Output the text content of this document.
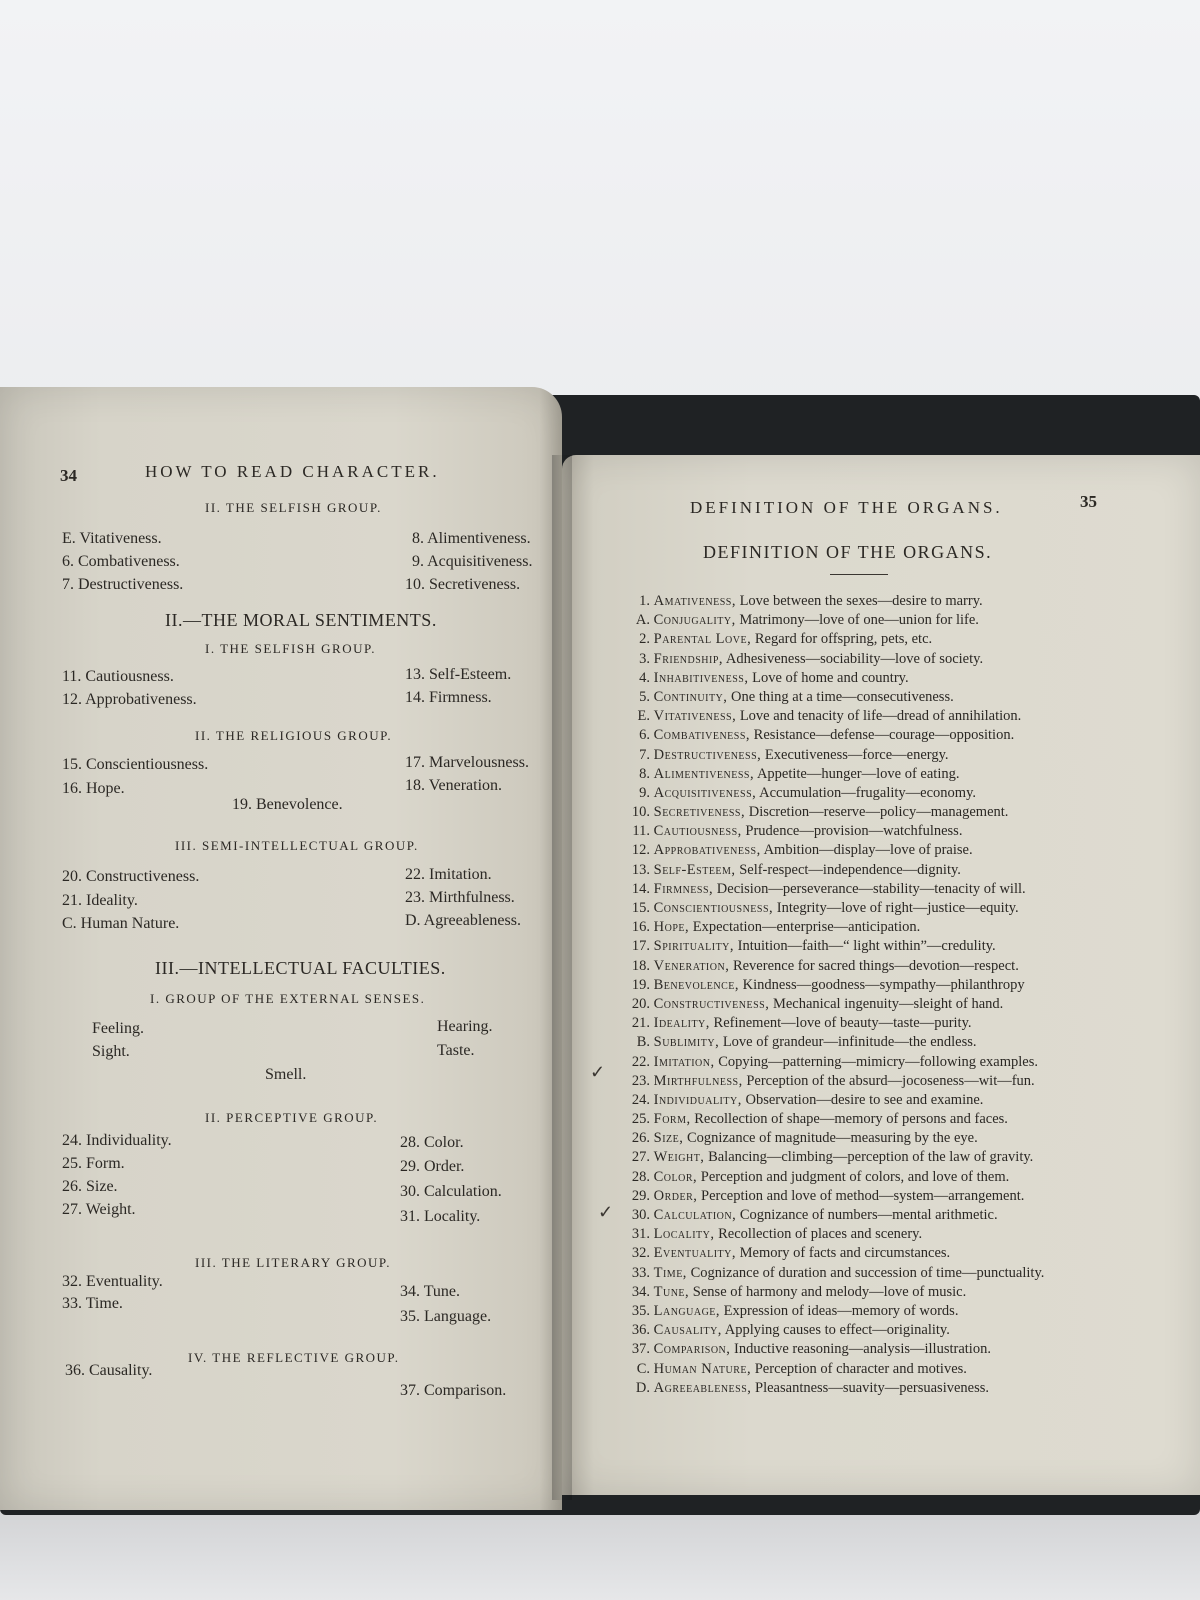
34	HOW TO READ CHARACTER.
II. THE SELFISH GROUP.
E. Vitativeness.
6. Combativeness.
7. Destructiveness.
8. Alimentiveness.
9. Acquisitiveness.
10. Secretiveness.
II.—THE MORAL SENTIMENTS.
I. THE SELFISH GROUP.
11. Cautiousness.
12. Approbativeness.
13. Self-Esteem.
14. Firmness.
II. THE RELIGIOUS GROUP.
15. Conscientiousness.
16. Hope.
17. Marvelousness.
18. Veneration.
19. Benevolence.
III. SEMI-INTELLECTUAL GROUP.
20. Constructiveness.
21. Ideality.
C. Human Nature.
22. Imitation.
23. Mirthfulness.
D. Agreeableness.
III.—INTELLECTUAL FACULTIES.
I. GROUP OF THE EXTERNAL SENSES.
Feeling.
Sight.
Hearing.
Taste.
Smell.
II. PERCEPTIVE GROUP.
24. Individuality.
25. Form.
26. Size.
27. Weight.
28. Color.
29. Order.
30. Calculation.
31. Locality.
III. THE LITERARY GROUP.
32. Eventuality.
33. Time.
34. Tune.
35. Language.
IV. THE REFLECTIVE GROUP.
36. Causality.
37. Comparison.
DEFINITION OF THE ORGANS.	35
DEFINITION OF THE ORGANS.
1. Amativeness, Love between the sexes—desire to marry.
A. Conjugality, Matrimony—love of one—union for life.
2. Parental Love, Regard for offspring, pets, etc.
3. Friendship, Adhesiveness—sociability—love of society.
4. Inhabitiveness, Love of home and country.
5. Continuity, One thing at a time—consecutiveness.
E. Vitativeness, Love and tenacity of life—dread of annihilation.
6. Combativeness, Resistance—defense—courage—opposition.
7. Destructiveness, Executiveness—force—energy.
8. Alimentiveness, Appetite—hunger—love of eating.
9. Acquisitiveness, Accumulation—frugality—economy.
10. Secretiveness, Discretion—reserve—policy—management.
11. Cautiousness, Prudence—provision—watchfulness.
12. Approbativeness, Ambition—display—love of praise.
13. Self-Esteem, Self-respect—independence—dignity.
14. Firmness, Decision—perseverance—stability—tenacity of will.
15. Conscientiousness, Integrity—love of right—justice—equity.
16. Hope, Expectation—enterprise—anticipation.
17. Spirituality, Intuition—faith—“ light within”—credulity.
18. Veneration, Reverence for sacred things—devotion—respect.
19. Benevolence, Kindness—goodness—sympathy—philanthropy
20. Constructiveness, Mechanical ingenuity—sleight of hand.
21. Ideality, Refinement—love of beauty—taste—purity.
B. Sublimity, Love of grandeur—infinitude—the endless.
22. Imitation, Copying—patterning—mimicry—following examples.
23. Mirthfulness, Perception of the absurd—jocoseness—wit—fun.
24. Individuality, Observation—desire to see and examine.
25. Form, Recollection of shape—memory of persons and faces.
26. Size, Cognizance of magnitude—measuring by the eye.
27. Weight, Balancing—climbing—perception of the law of gravity.
28. Color, Perception and judgment of colors, and love of them.
29. Order, Perception and love of method—system—arrangement.
30. Calculation, Cognizance of numbers—mental arithmetic.
31. Locality, Recollection of places and scenery.
32. Eventuality, Memory of facts and circumstances.
33. Time, Cognizance of duration and succession of time—punctuality.
34. Tune, Sense of harmony and melody—love of music.
35. Language, Expression of ideas—memory of words.
36. Causality, Applying causes to effect—originality.
37. Comparison, Inductive reasoning—analysis—illustration.
C. Human Nature, Perception of character and motives.
D. Agreeableness, Pleasantness—suavity—persuasiveness.
✓
✓
